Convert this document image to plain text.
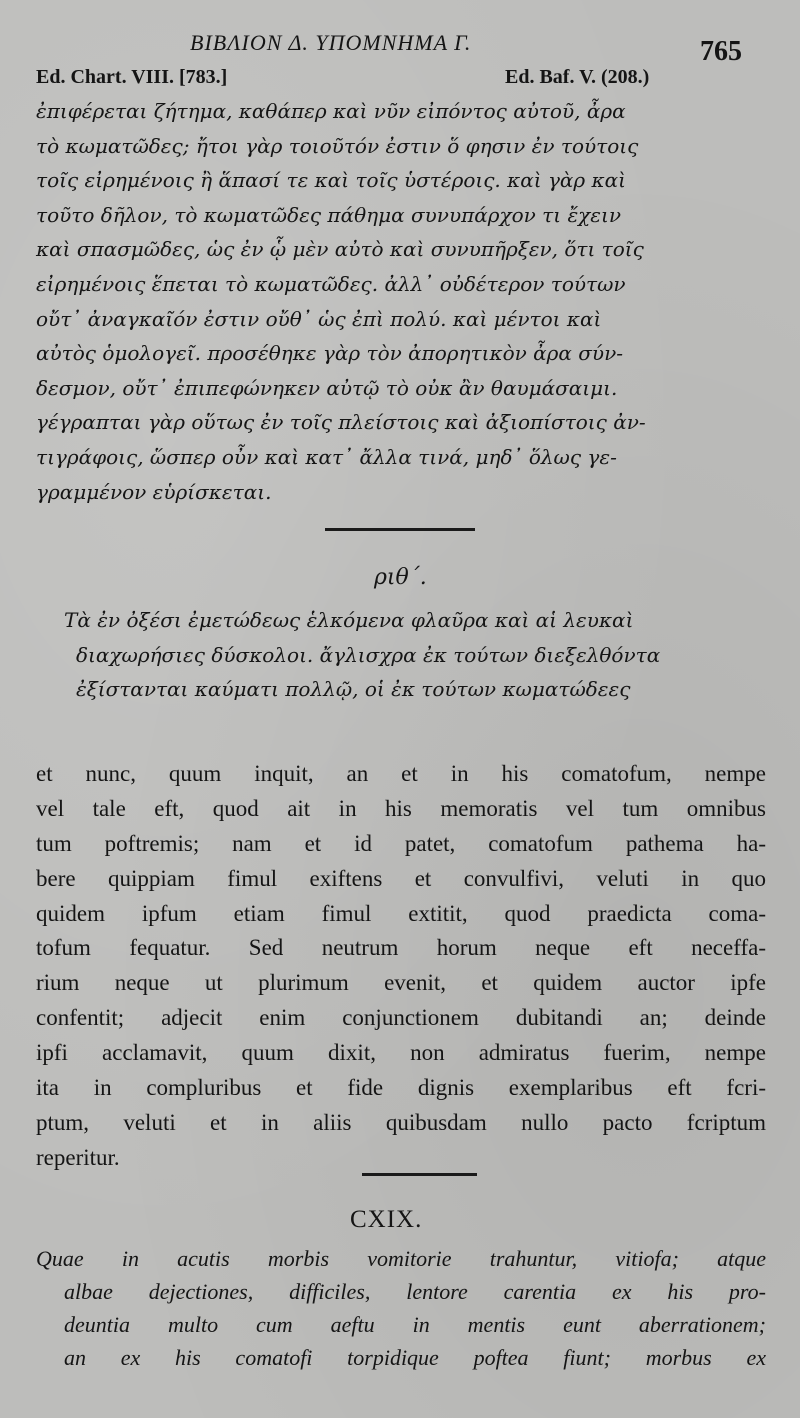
ΒΙΒΛΙΟΝ Δ. ΥΠΟΜΝΗΜΑ Γ.	765
Ed. Chart. VIII. [783.]	Ed. Baf. V. (208.)
ἐπιφέρεται ζήτημα, καθάπερ καὶ νῦν εἰπόντος αὐτοῦ, ἆρα
τὸ κωματῶδες; ἤτοι γὰρ τοιοῦτόν ἐστιν ὅ φησιν ἐν τούτοις
τοῖς εἰρημένοις ἢ ἅπασί τε καὶ τοῖς ὑστέροις. καὶ γὰρ καὶ
τοῦτο δῆλον, τὸ κωματῶδες πάθημα συνυπάρχον τι ἔχειν
καὶ σπασμῶδες, ὡς ἐν ᾧ μὲν αὐτὸ καὶ συνυπῆρξεν, ὅτι τοῖς
εἰρημένοις ἕπεται τὸ κωματῶδες. ἀλλ᾽ οὐδέτερον τούτων
οὔτ᾽ ἀναγκαῖόν ἐστιν οὔθ᾽ ὡς ἐπὶ πολύ. καὶ μέντοι καὶ
αὐτὸς ὁμολογεῖ. προσέθηκε γὰρ τὸν ἀπορητικὸν ἆρα σύν-
δεσμον, οὔτ᾽ ἐπιπεφώνηκεν αὐτῷ τὸ οὐκ ἂν θαυμάσαιμι.
γέγραπται γὰρ οὕτως ἐν τοῖς πλείστοις καὶ ἀξιοπίστοις ἀν-
τιγράφοις, ὥσπερ οὖν καὶ κατ᾽ ἄλλα τινά, μηδ᾽ ὅλως γε-
γραμμένον εὑρίσκεται.
ριθ΄.
Τὰ ἐν ὀξέσι ἐμετώδεως ἑλκόμενα φλαῦρα καὶ αἱ λευκαὶ
διαχωρήσιες δύσκολοι. ἄγλισχρα ἐκ τούτων διεξελθόντα
ἐξίστανται καύματι πολλῷ, οἱ ἐκ τούτων κωματώδεες
et nunc, quum inquit, an et in his comatofum, nempe
vel tale eft, quod ait in his memoratis vel tum omnibus
tum poftremis; nam et id patet, comatofum pathema ha-
bere quippiam fimul exiftens et convulfivi, veluti in quo
quidem ipfum etiam fimul extitit, quod praedicta coma-
tofum fequatur. Sed neutrum horum neque eft neceffa-
rium neque ut plurimum evenit, et quidem auctor ipfe
confentit; adjecit enim conjunctionem dubitandi an; deinde
ipfi acclamavit, quum dixit, non admiratus fuerim, nempe
ita in compluribus et fide dignis exemplaribus eft fcri-
ptum, veluti et in aliis quibusdam nullo pacto fcriptum
reperitur.
CXIX.
Quae in acutis morbis vomitorie trahuntur, vitiofa; atque
albae dejectiones, difficiles, lentore carentia ex his pro-
deuntia multo cum aeftu in mentis eunt aberrationem;
an ex his comatofi torpidique poftea fiunt; morbus ex
